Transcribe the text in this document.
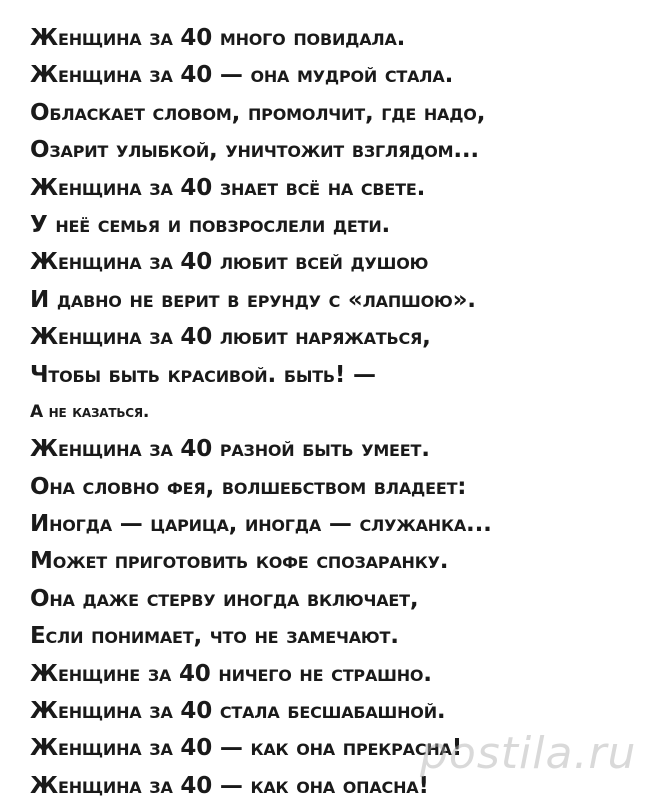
Женщина за 40 много повидала.
Женщина за 40 — она мудрой стала.
Обласкает словом, промолчит, где надо,
Озарит улыбкой, уничтожит взглядом...
Женщина за 40 знает всё на свете.
У неё семья и повзрослели дети.
Женщина за 40 любит всей душою
И давно не верит в ерунду с «лапшою».
Женщина за 40 любит наряжаться,
Чтобы быть красивой. быть! —
А не казаться.
Женщина за 40 разной быть умеет.
Она словно фея, волшебством владеет:
Иногда — царица, иногда — служанка...
Может приготовить кофе спозаранку.
Она даже стерву иногда включает,
Если понимает, что не замечают.
Женщине за 40 ничего не страшно.
Женщина за 40 стала бесшабашной.
Женщина за 40 — как она прекрасна!
Женщина за 40 — как она опасна!
postila.ru
